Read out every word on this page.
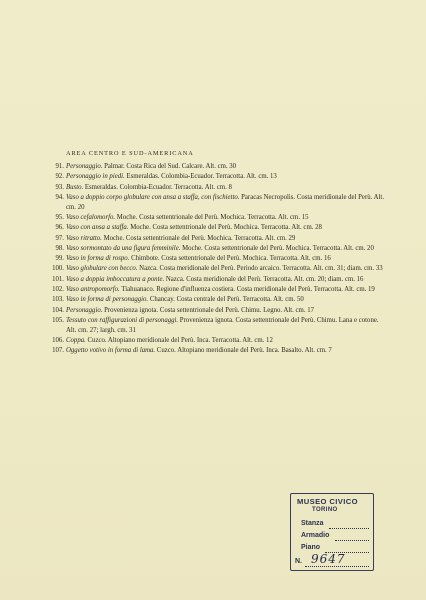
AREA CENTRO E SUD-AMERICANA
91. Personaggio. Palmar. Costa Rica del Sud. Calcare. Alt. cm. 30
92. Personaggio in piedi. Esmeraldas. Colombia-Ecuador. Terracotta. Alt. cm. 13
93. Busto. Esmeraldas. Colombia-Ecuador. Terracotta. Alt. cm. 8
94. Vaso a doppio corpo globulare con ansa a staffa, con fischietto. Paracas Necropolis. Costa meridionale del Perù. Alt. cm. 20
95. Vaso cefalomorfo. Moche. Costa settentrionale del Perù. Mochica. Terracotta. Alt. cm. 15
96. Vaso con ansa a staffa. Moche. Costa settentrionale del Perù. Mochica. Terracotta. Alt. cm. 28
97. Vaso ritratto. Moche. Costa settentrionale del Perù. Mochica. Terracotta. Alt. cm. 29
98. Vaso sormontato da una figura femminile. Moche. Costa settentrionale del Perù. Mochica. Terracotta. Alt. cm. 20
99. Vaso in forma di rospo. Chimbote. Costa settentrionale del Perù. Mochica. Terracotta. Alt. cm. 16
100. Vaso globulare con becco. Nazca. Costa meridionale del Perù. Periodo arcaico. Terracotta. Alt. cm. 31; diam. cm. 33
101. Vaso a doppia imboccatura a ponte. Nazca. Costa meridionale del Perù. Terracotta. Alt. cm. 20; diam. cm. 16
102. Vaso antropomorfo. Tiahuanaco. Regione d'influenza costiera. Costa meridionale del Perù. Terracotta. Alt. cm. 19
103. Vaso in forma di personaggio. Chancay. Costa centrale del Perù. Terracotta. Alt. cm. 50
104. Personaggio. Provenienza ignota. Costa settentrionale del Perù. Chimu. Legno. Alt. cm. 17
105. Tessuto con raffigurazioni di personaggi. Provenienza ignota. Costa settentrionale del Perù. Chimu. Lana e cotone. Alt. cm. 27; largh. cm. 31
106. Coppa. Cuzco. Altopiano meridionale del Perù. Inca. Terracotta. Alt. cm. 12
107. Oggetto votivo in forma di lama. Cuzco. Altopiano meridionale del Perù. Inca. Basalto. Alt. cm. 7
MUSEO CIVICO
TORINO
Stanza
Armadio
Piano
N. 9647
